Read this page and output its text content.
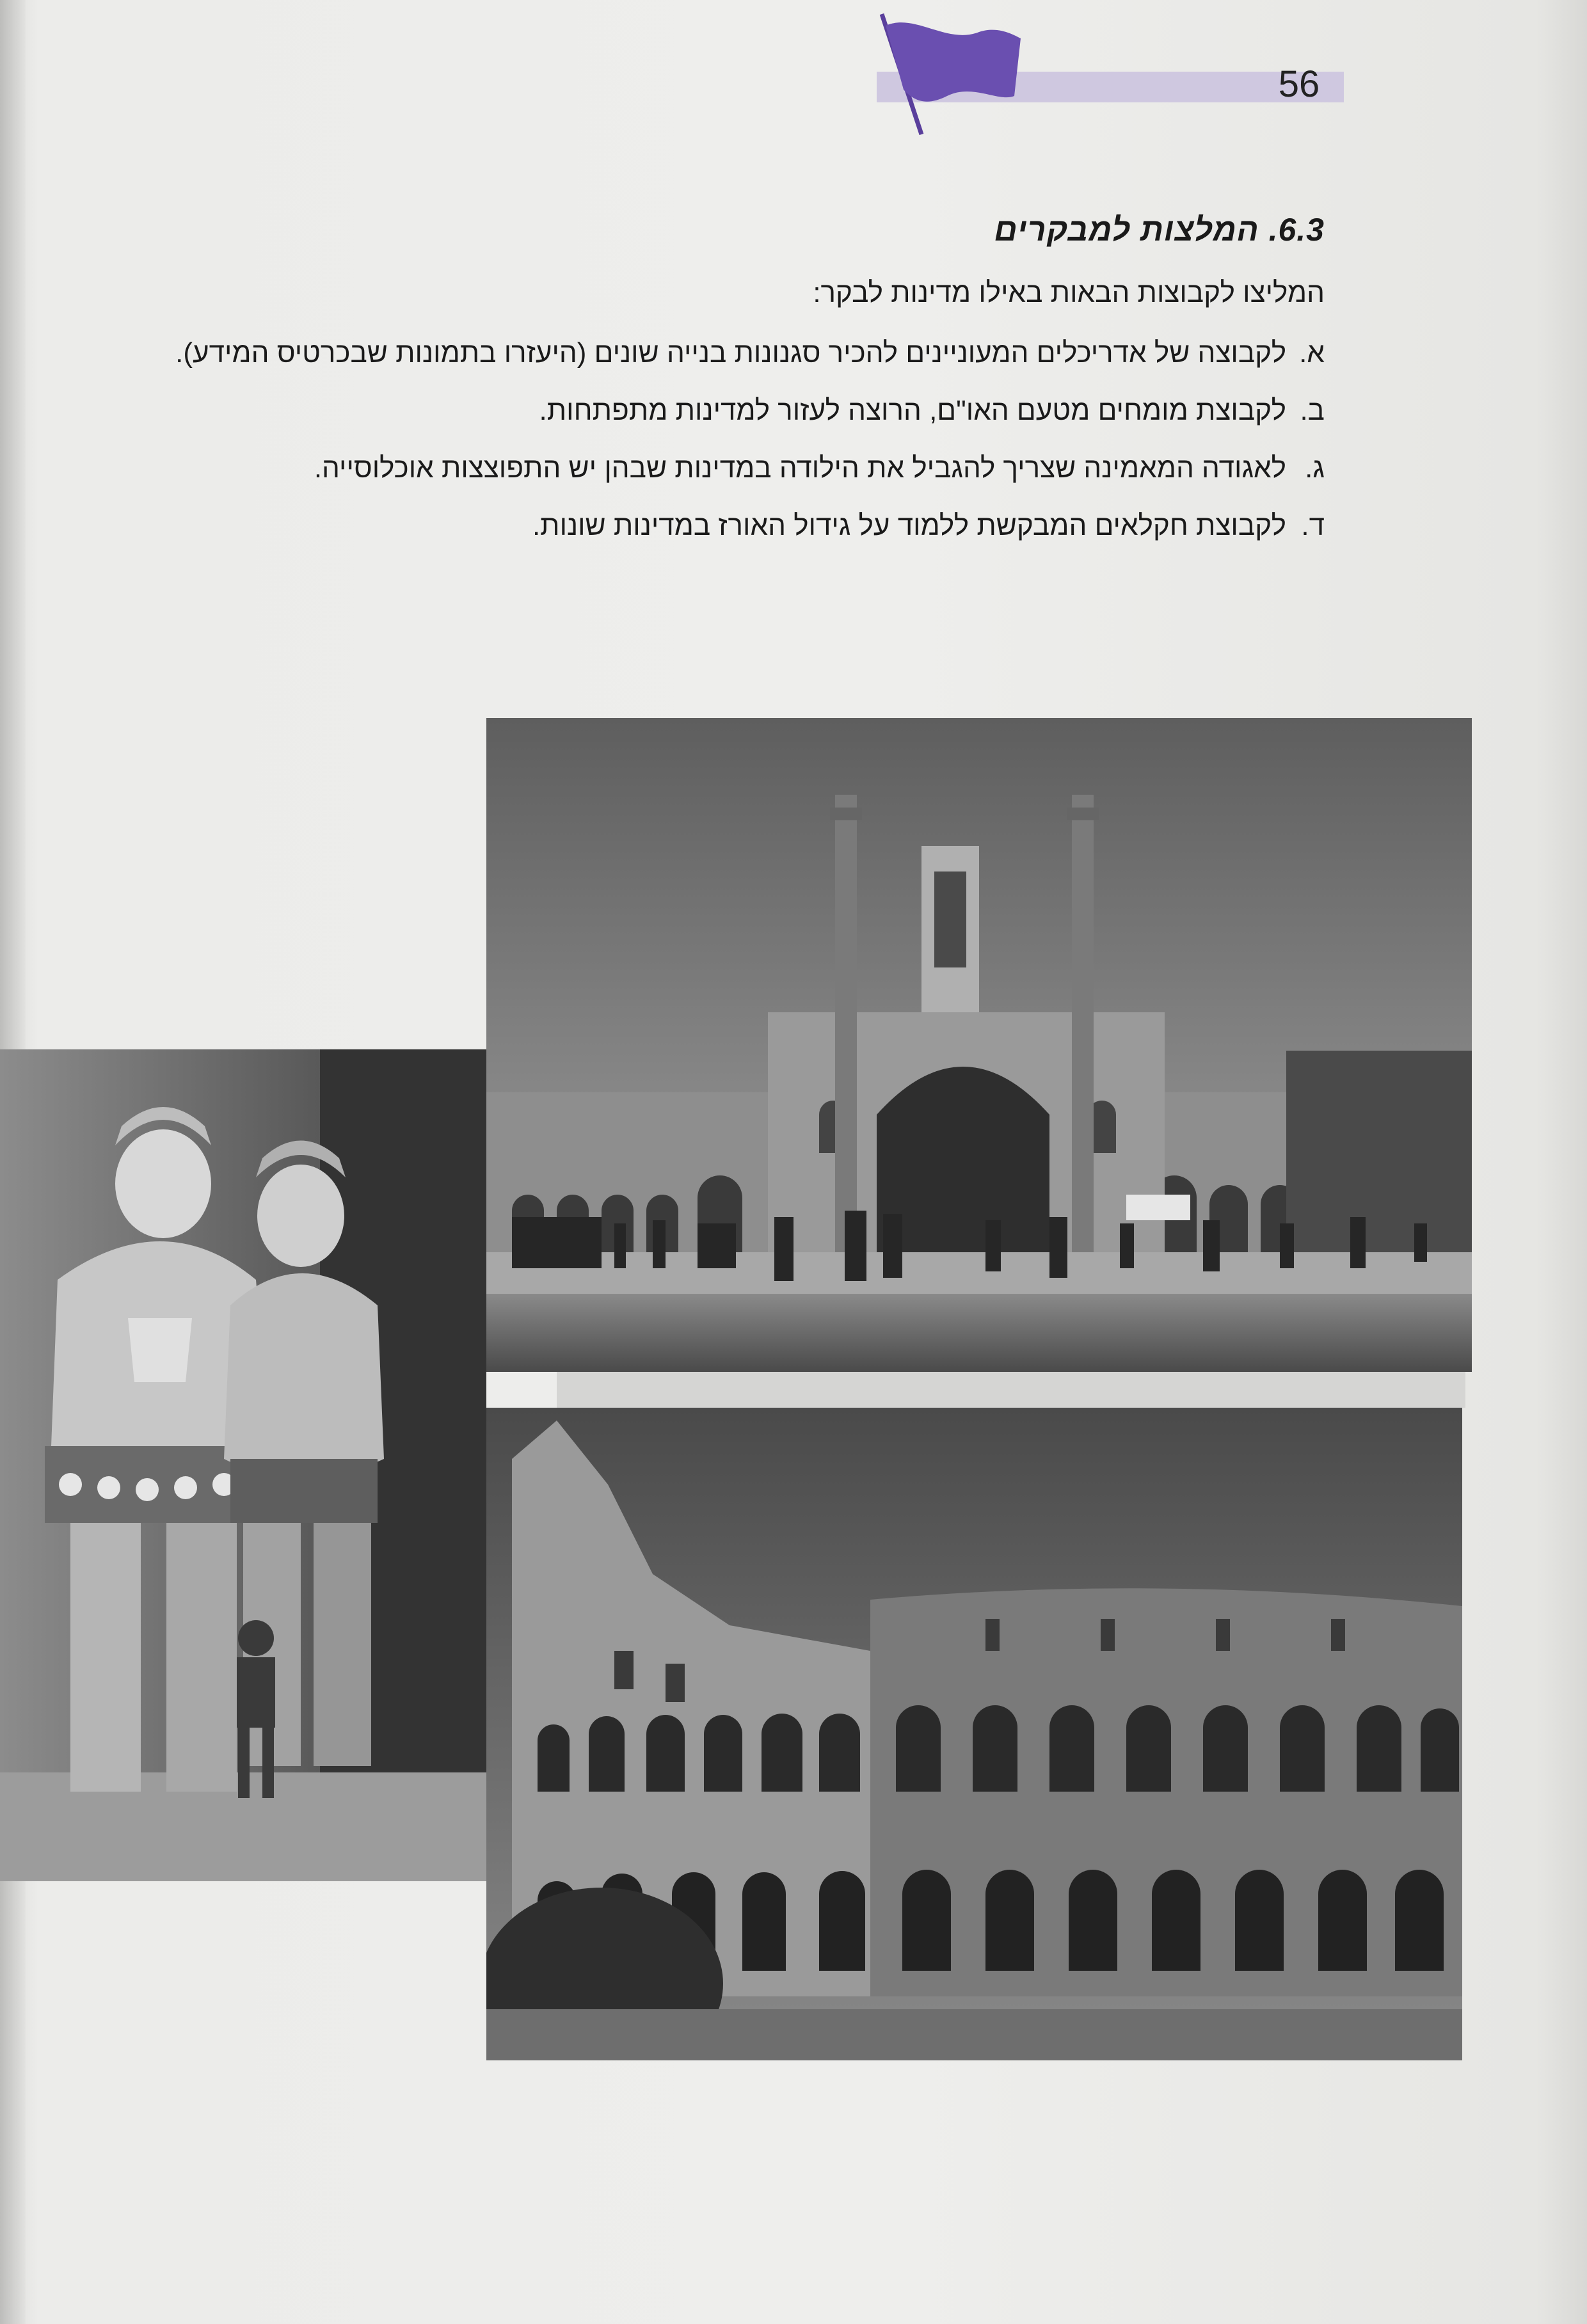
56
6.3. המלצות למבקרים
המליצו לקבוצות הבאות באילו מדינות לבקר:
א.
לקבוצה של אדריכלים המעוניינים להכיר סגנונות בנייה שונים (היעזרו בתמונות שבכרטיס המידע).
ב.
לקבוצת מומחים מטעם האו"ם, הרוצה לעזור למדינות מתפתחות.
ג.
לאגודה המאמינה שצריך להגביל את הילודה במדינות שבהן יש התפוצצות אוכלוסייה.
ד.
לקבוצת חקלאים המבקשת ללמוד על גידול האורז במדינות שונות.
